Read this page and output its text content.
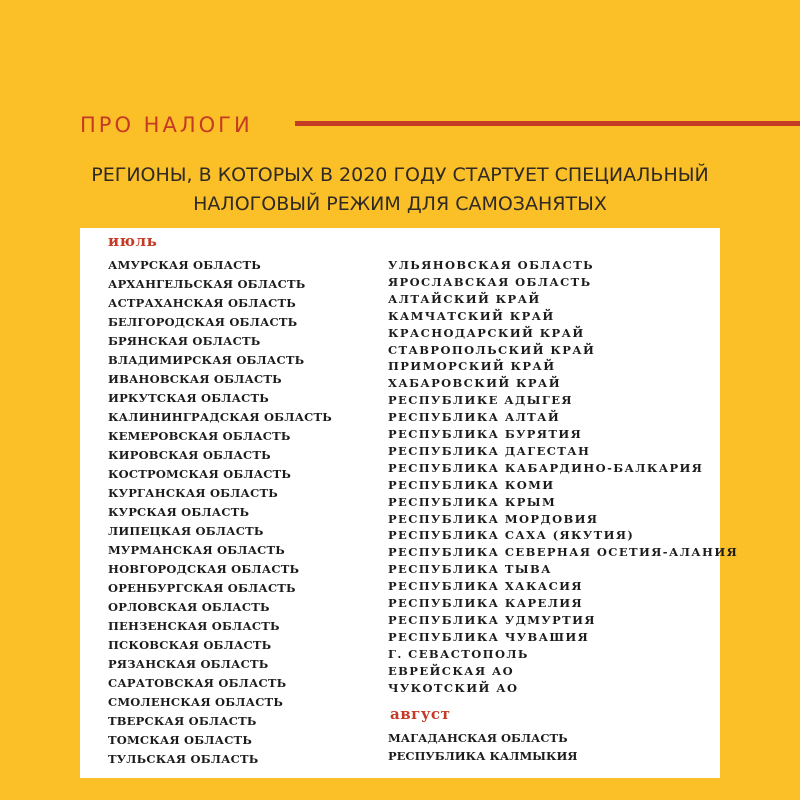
ПРО НАЛОГИ
РЕГИОНЫ, В КОТОРЫХ В 2020 ГОДУ СТАРТУЕТ СПЕЦИАЛЬНЫЙ
НАЛОГОВЫЙ РЕЖИМ ДЛЯ САМОЗАНЯТЫХ
июль
АМУРСКАЯ ОБЛАСТЬ
АРХАНГЕЛЬСКАЯ ОБЛАСТЬ
АСТРАХАНСКАЯ ОБЛАСТЬ
БЕЛГОРОДСКАЯ ОБЛАСТЬ
БРЯНСКАЯ ОБЛАСТЬ
ВЛАДИМИРСКАЯ ОБЛАСТЬ
ИВАНОВСКАЯ ОБЛАСТЬ
ИРКУТСКАЯ ОБЛАСТЬ
КАЛИНИНГРАДСКАЯ ОБЛАСТЬ
КЕМЕРОВСКАЯ ОБЛАСТЬ
КИРОВСКАЯ ОБЛАСТЬ
КОСТРОМСКАЯ ОБЛАСТЬ
КУРГАНСКАЯ ОБЛАСТЬ
КУРСКАЯ ОБЛАСТЬ
ЛИПЕЦКАЯ ОБЛАСТЬ
МУРМАНСКАЯ ОБЛАСТЬ
НОВГОРОДСКАЯ ОБЛАСТЬ
ОРЕНБУРГСКАЯ ОБЛАСТЬ
ОРЛОВСКАЯ ОБЛАСТЬ
ПЕНЗЕНСКАЯ ОБЛАСТЬ
ПСКОВСКАЯ ОБЛАСТЬ
РЯЗАНСКАЯ ОБЛАСТЬ
САРАТОВСКАЯ ОБЛАСТЬ
СМОЛЕНСКАЯ ОБЛАСТЬ
ТВЕРСКАЯ ОБЛАСТЬ
ТОМСКАЯ ОБЛАСТЬ
ТУЛЬСКАЯ ОБЛАСТЬ
УЛЬЯНОВСКАЯ ОБЛАСТЬ
ЯРОСЛАВСКАЯ ОБЛАСТЬ
АЛТАЙСКИЙ КРАЙ
КАМЧАТСКИЙ КРАЙ
КРАСНОДАРСКИЙ КРАЙ
СТАВРОПОЛЬСКИЙ КРАЙ
ПРИМОРСКИЙ КРАЙ
ХАБАРОВСКИЙ КРАЙ
РЕСПУБЛИКЕ АДЫГЕЯ
РЕСПУБЛИКА АЛТАЙ
РЕСПУБЛИКА БУРЯТИЯ
РЕСПУБЛИКА ДАГЕСТАН
РЕСПУБЛИКА КАБАРДИНО-БАЛКАРИЯ
РЕСПУБЛИКА КОМИ
РЕСПУБЛИКА КРЫМ
РЕСПУБЛИКА МОРДОВИЯ
РЕСПУБЛИКА САХА (ЯКУТИЯ)
РЕСПУБЛИКА СЕВЕРНАЯ ОСЕТИЯ-АЛАНИЯ
РЕСПУБЛИКА ТЫВА
РЕСПУБЛИКА ХАКАСИЯ
РЕСПУБЛИКА КАРЕЛИЯ
РЕСПУБЛИКА УДМУРТИЯ
РЕСПУБЛИКА ЧУВАШИЯ
Г. СЕВАСТОПОЛЬ
ЕВРЕЙСКАЯ АО
ЧУКОТСКИЙ АО
август
МАГАДАНСКАЯ ОБЛАСТЬ
РЕСПУБЛИКА КАЛМЫКИЯ
